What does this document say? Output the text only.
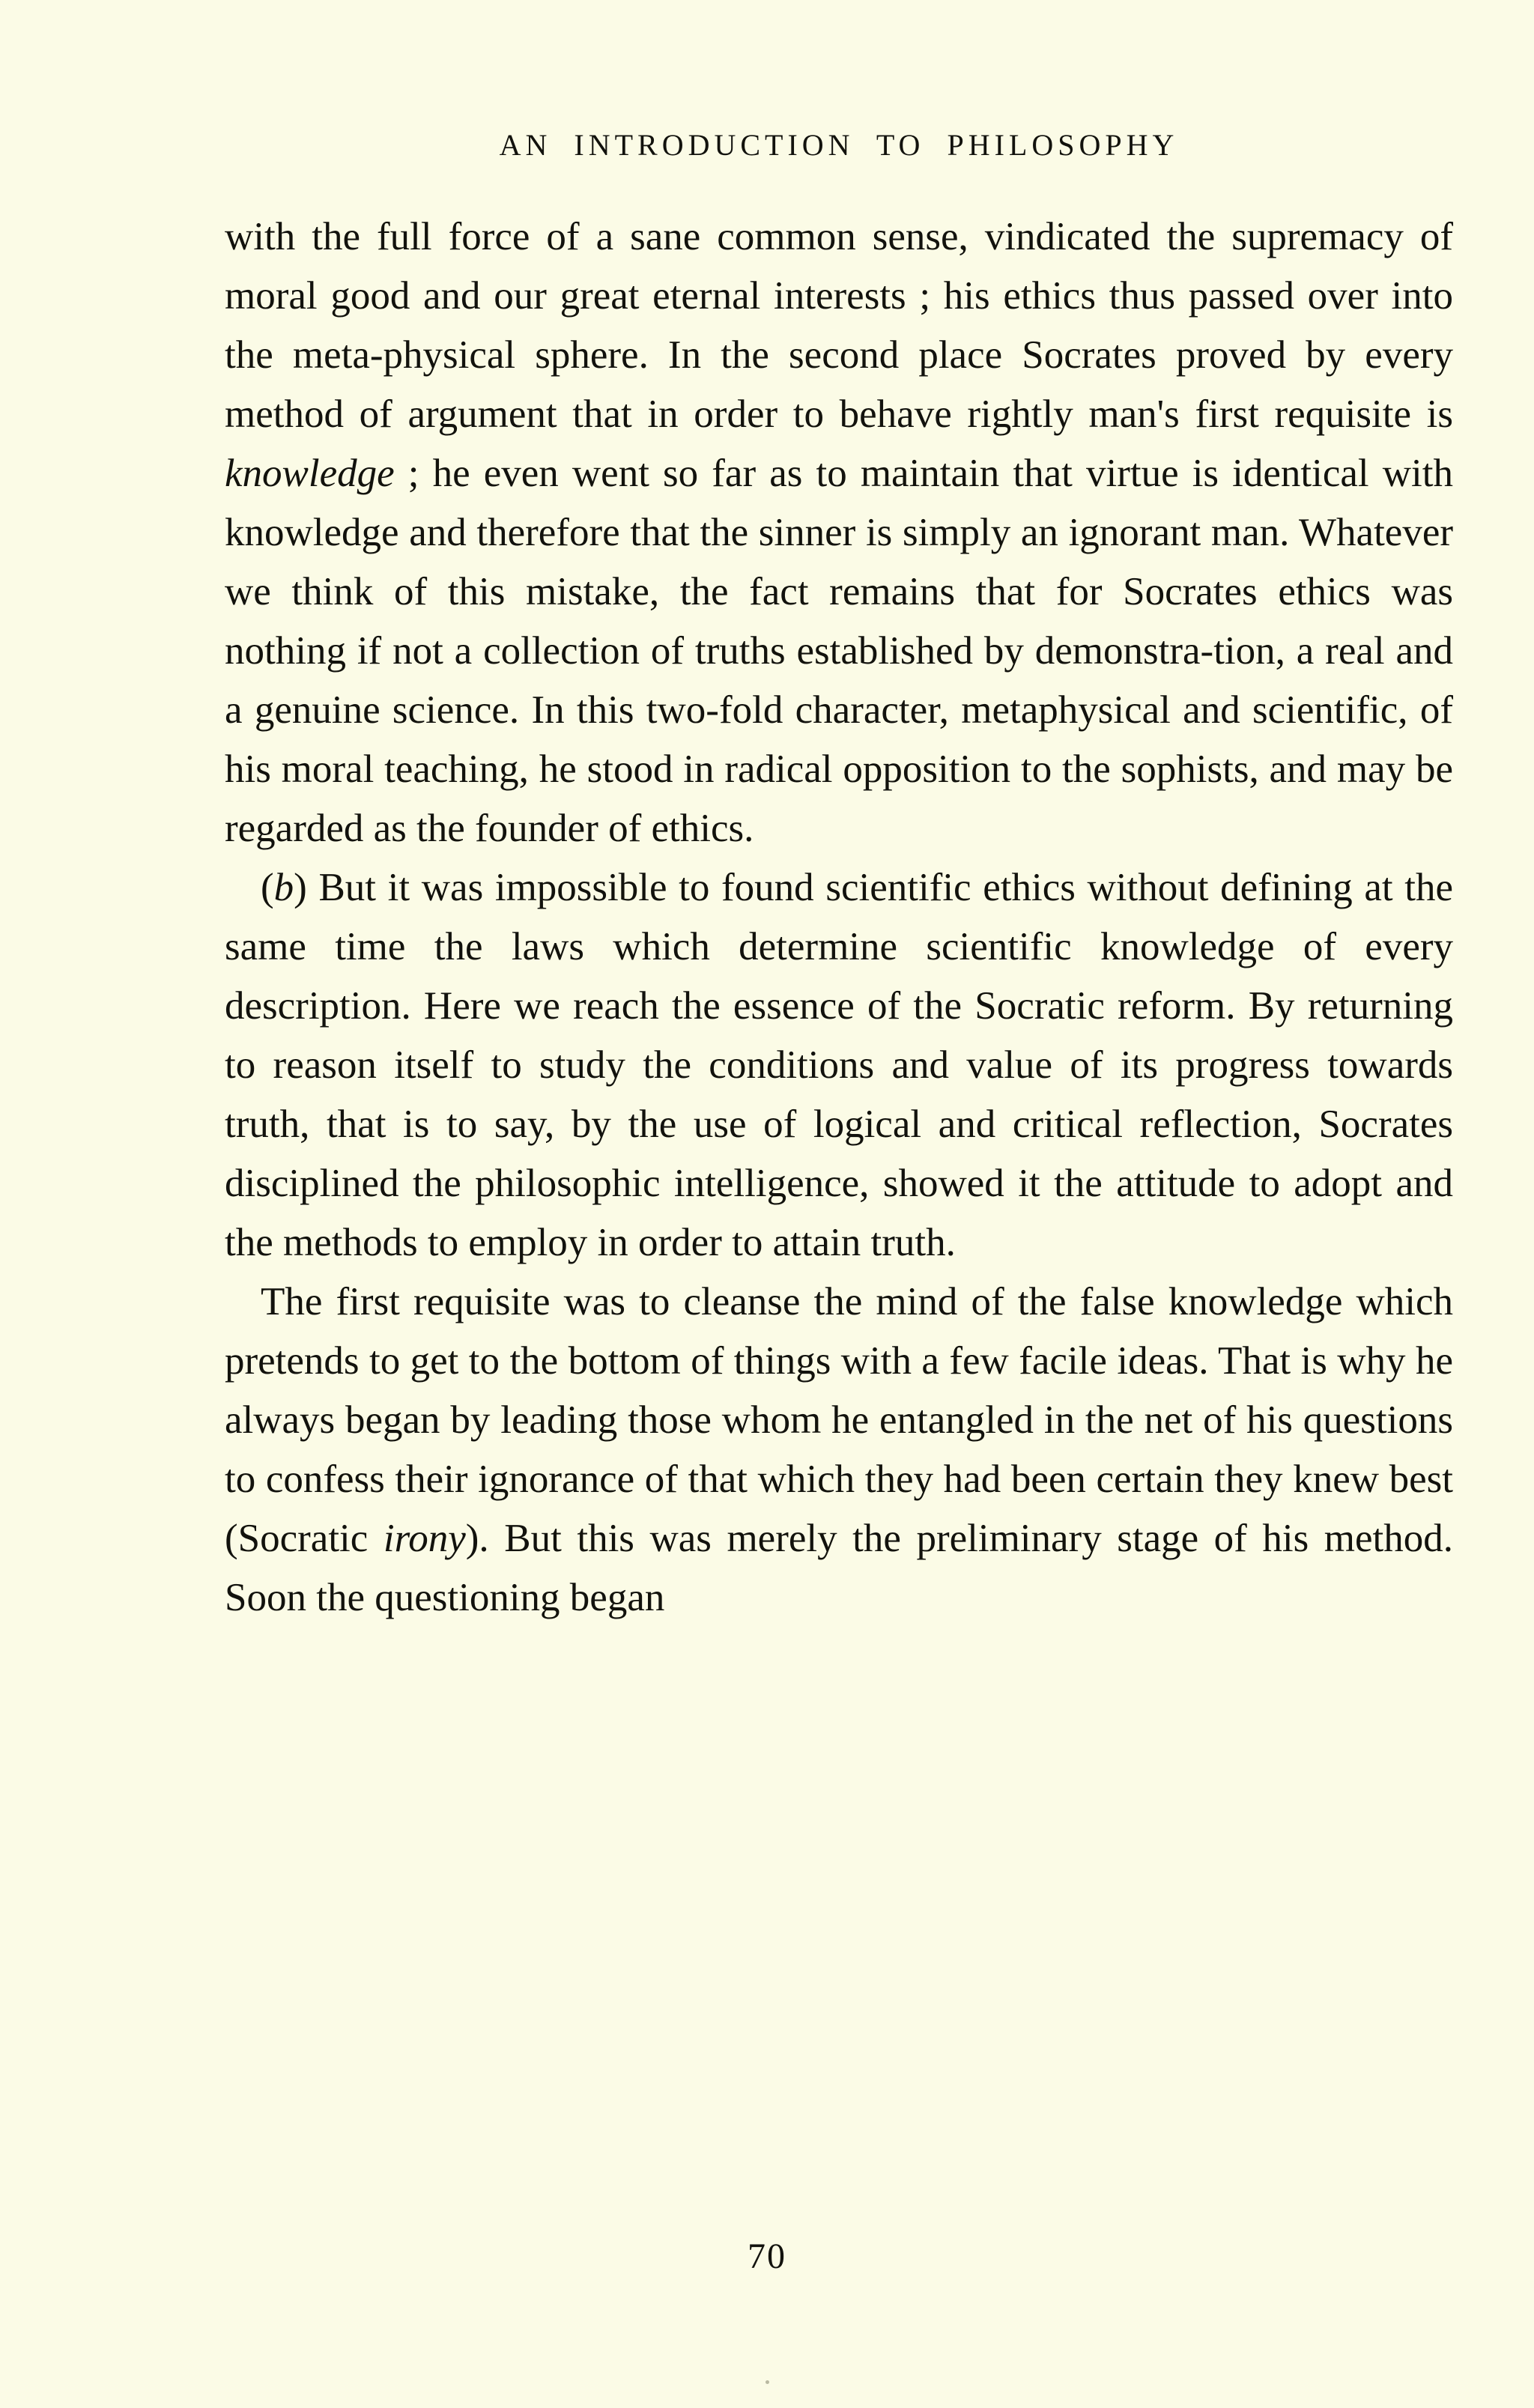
AN INTRODUCTION TO PHILOSOPHY

with the full force of a sane common sense, vindicated the supremacy of moral good and our great eternal interests ; his ethics thus passed over into the meta-physical sphere. In the second place Socrates proved by every method of argument that in order to behave rightly man's first requisite is knowledge ; he even went so far as to maintain that virtue is identical with knowledge and therefore that the sinner is simply an ignorant man. Whatever we think of this mistake, the fact remains that for Socrates ethics was nothing if not a collection of truths established by demonstra-tion, a real and a genuine science. In this two-fold character, metaphysical and scientific, of his moral teaching, he stood in radical opposition to the sophists, and may be regarded as the founder of ethics.

(b) But it was impossible to found scientific ethics without defining at the same time the laws which determine scientific knowledge of every description. Here we reach the essence of the Socratic reform. By returning to reason itself to study the conditions and value of its progress towards truth, that is to say, by the use of logical and critical reflection, Socrates disciplined the philosophic intelligence, showed it the attitude to adopt and the methods to employ in order to attain truth.

The first requisite was to cleanse the mind of the false knowledge which pretends to get to the bottom of things with a few facile ideas. That is why he always began by leading those whom he entangled in the net of his questions to confess their ignorance of that which they had been certain they knew best (Socratic irony). But this was merely the preliminary stage of his method. Soon the questioning began

70
